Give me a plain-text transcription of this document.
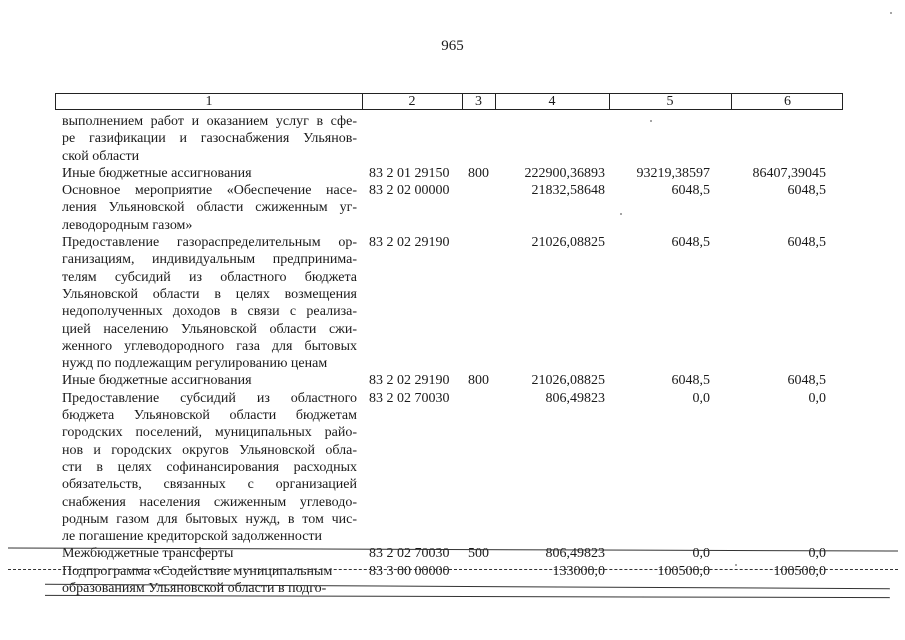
965
1	2	3	4	5	6
выполнением работ и оказанием услуг в сфе-
ре газификации и газоснабжения Ульянов-
ской области
Иные бюджетные ассигнования	83 2 01 29150 800	222900,36893 93219,38597	86407,39045
Основное мероприятие «Обеспечение насе-
ления Ульяновской области сжиженным уг-
леводородным газом»
83 2 02 00000	21832,58648	6048,5	6048,5
Предоставление газораспределительным ор-
ганизациям, индивидуальным предпринима-
телям субсидий из областного бюджета
Ульяновской области в целях возмещения
недополученных доходов в связи с реализа-
цией населению Ульяновской области сжи-
женного углеводородного газа для бытовых
нужд по подлежащим регулированию ценам
83 2 02 29190	21026,08825	6048,5	6048,5
Иные бюджетные ассигнования	83 2 02 29190 800	21026,08825	6048,5	6048,5
Предоставление субсидий из областного
бюджета Ульяновской области бюджетам
городских поселений, муниципальных райо-
нов и городских округов Ульяновской обла-
сти в целях софинансирования расходных
обязательств, связанных с организацией
снабжения населения сжиженным углеводо-
родным газом для бытовых нужд, в том чис-
ле погашение кредиторской задолженности
83 2 02 70030	806,49823	0,0	0,0
Межбюджетные трансферты	83 2 02 70030 500	806,49823	0,0	0,0
Подпрограмма «Содействие муниципальным	83 3 00 00000	133000,0	100500,0	100500,0
образованиям Ульяновской области в подго-
